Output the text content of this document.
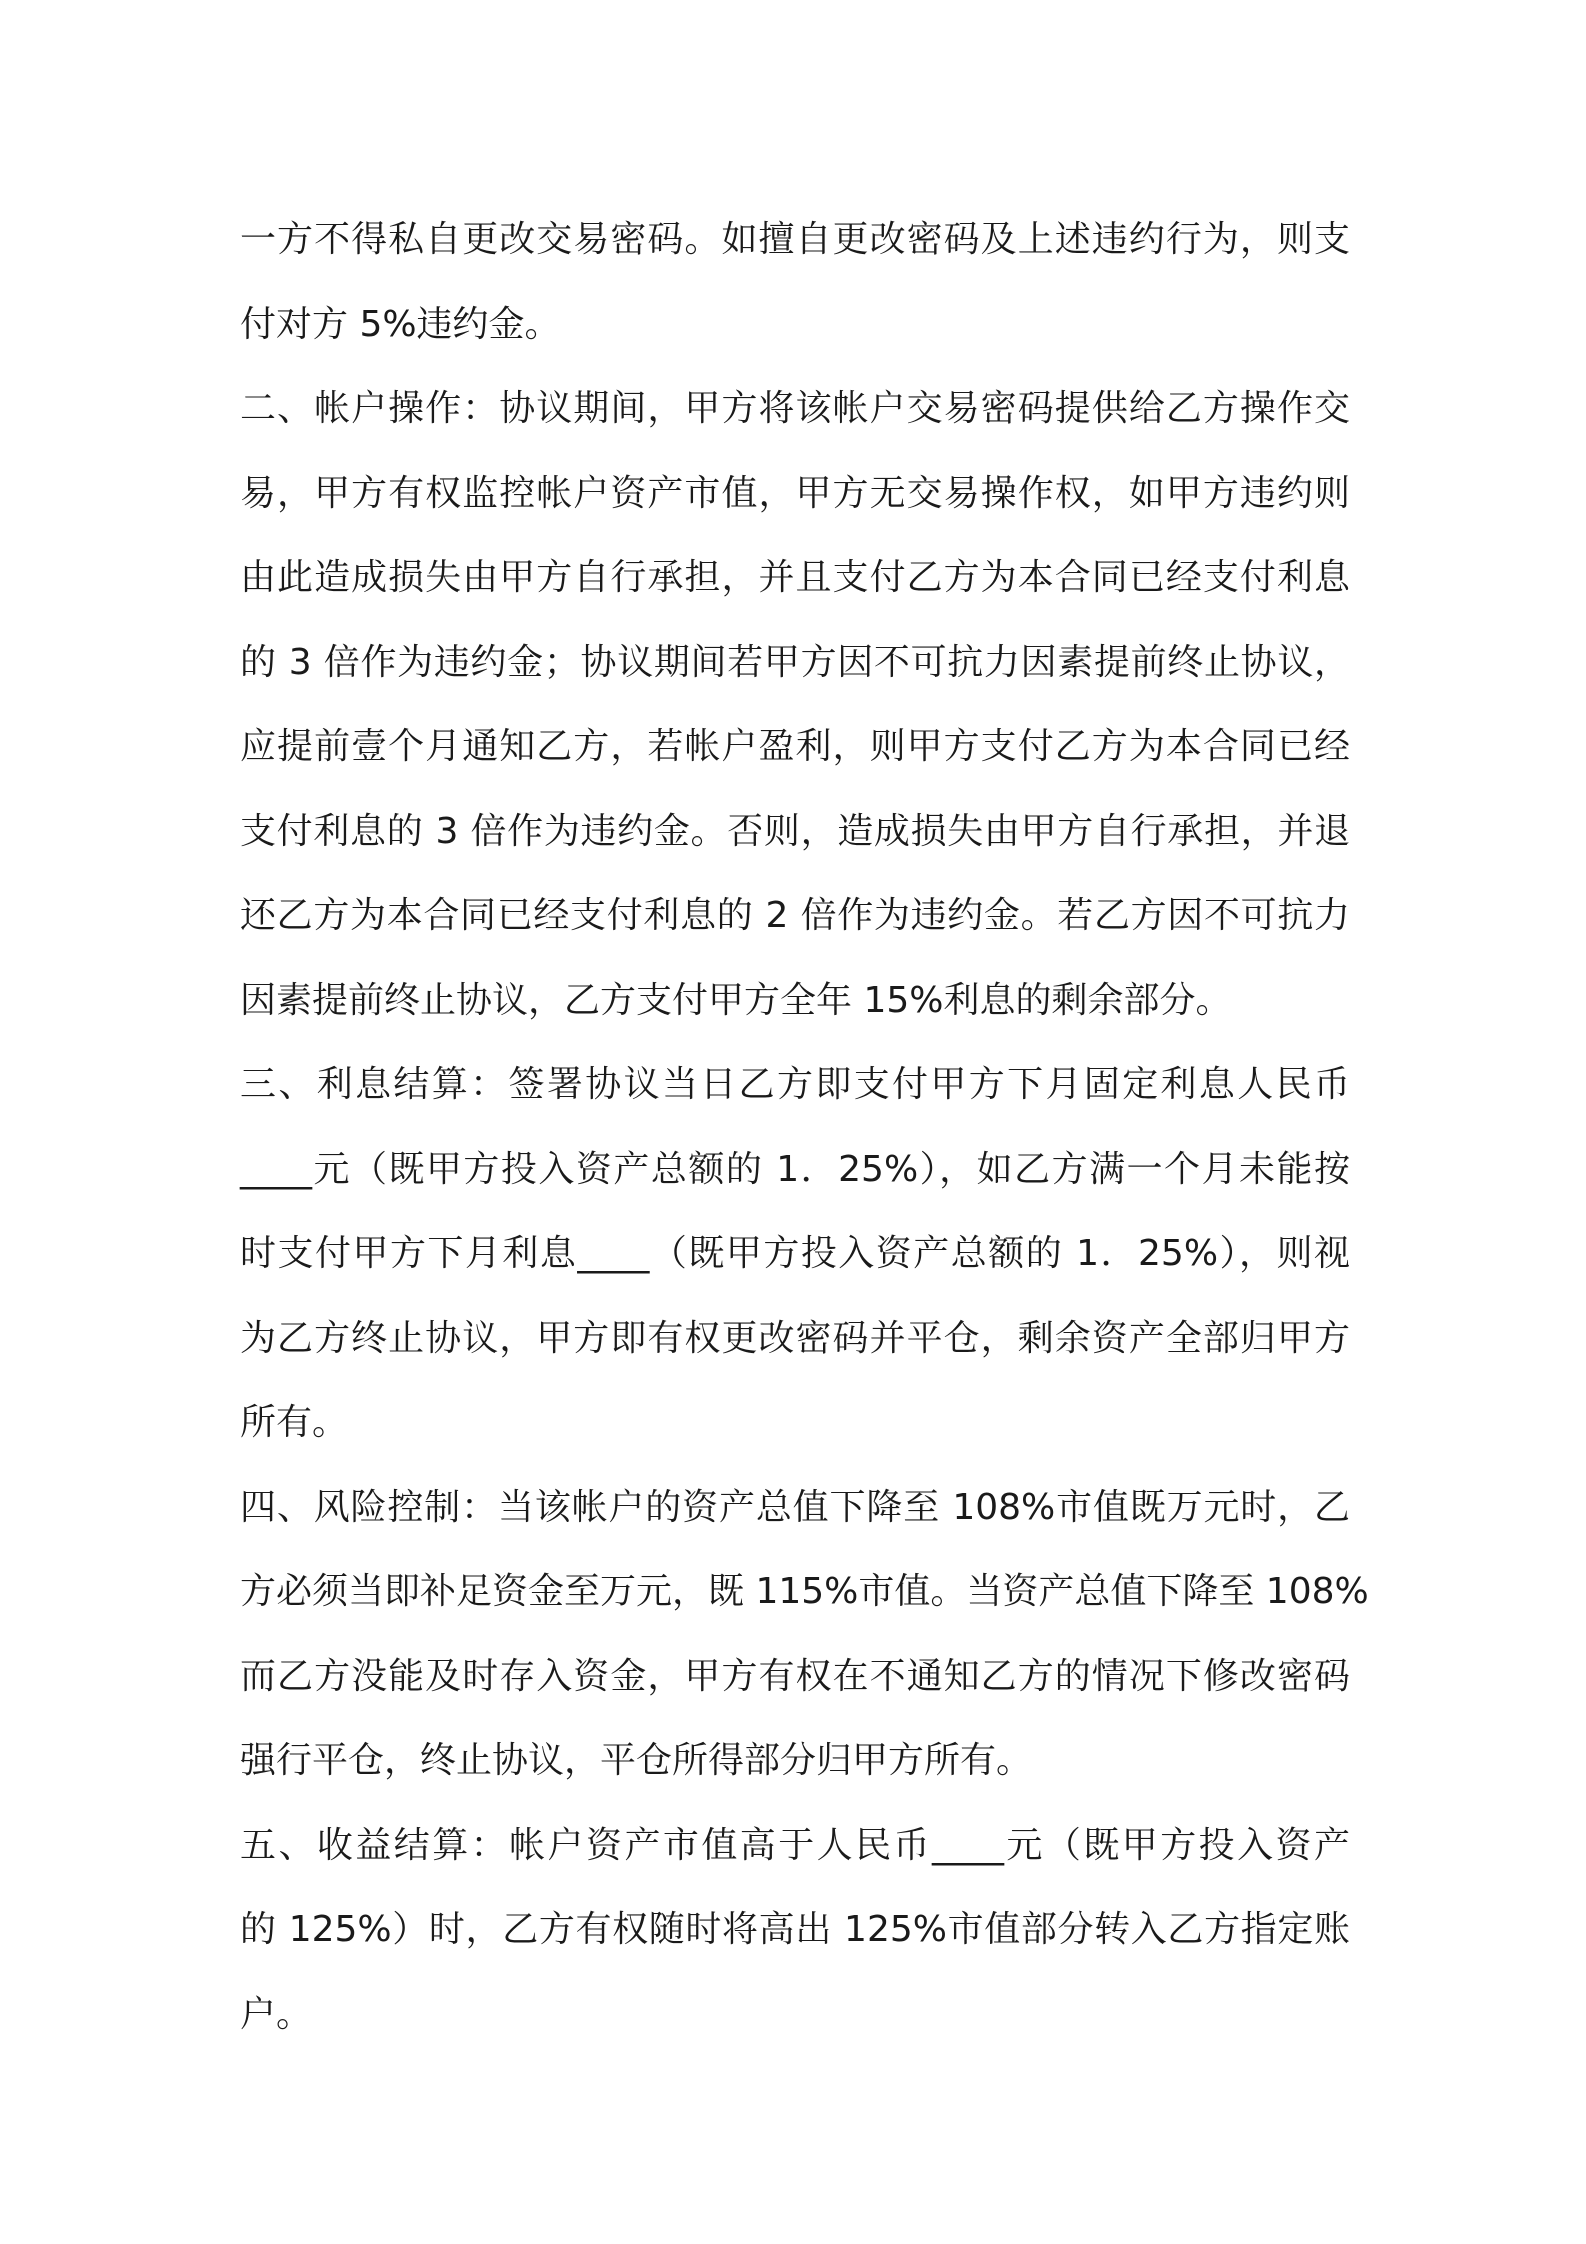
一方不得私自更改交易密码。如擅自更改密码及上述违约行为，则支
付对方 5%违约金。
二、帐户操作：协议期间，甲方将该帐户交易密码提供给乙方操作交
易，甲方有权监控帐户资产市值，甲方无交易操作权，如甲方违约则
由此造成损失由甲方自行承担，并且支付乙方为本合同已经支付利息
的 3 倍作为违约金；协议期间若甲方因不可抗力因素提前终止协议，
应提前壹个月通知乙方，若帐户盈利，则甲方支付乙方为本合同已经
支付利息的 3 倍作为违约金。否则，造成损失由甲方自行承担，并退
还乙方为本合同已经支付利息的 2 倍作为违约金。若乙方因不可抗力
因素提前终止协议，乙方支付甲方全年 15%利息的剩余部分。
三、利息结算：签署协议当日乙方即支付甲方下月固定利息人民币
____元（既甲方投入资产总额的 1．25%），如乙方满一个月未能按
时支付甲方下月利息____（既甲方投入资产总额的 1．25%），则视
为乙方终止协议，甲方即有权更改密码并平仓，剩余资产全部归甲方
所有。
四、风险控制：当该帐户的资产总值下降至 108%市值既万元时，乙
方必须当即补足资金至万元，既 115%市值。当资产总值下降至 108%
而乙方没能及时存入资金，甲方有权在不通知乙方的情况下修改密码
强行平仓，终止协议，平仓所得部分归甲方所有。
五、收益结算：帐户资产市值高于人民币____元（既甲方投入资产
的 125%）时，乙方有权随时将高出 125%市值部分转入乙方指定账
户。
